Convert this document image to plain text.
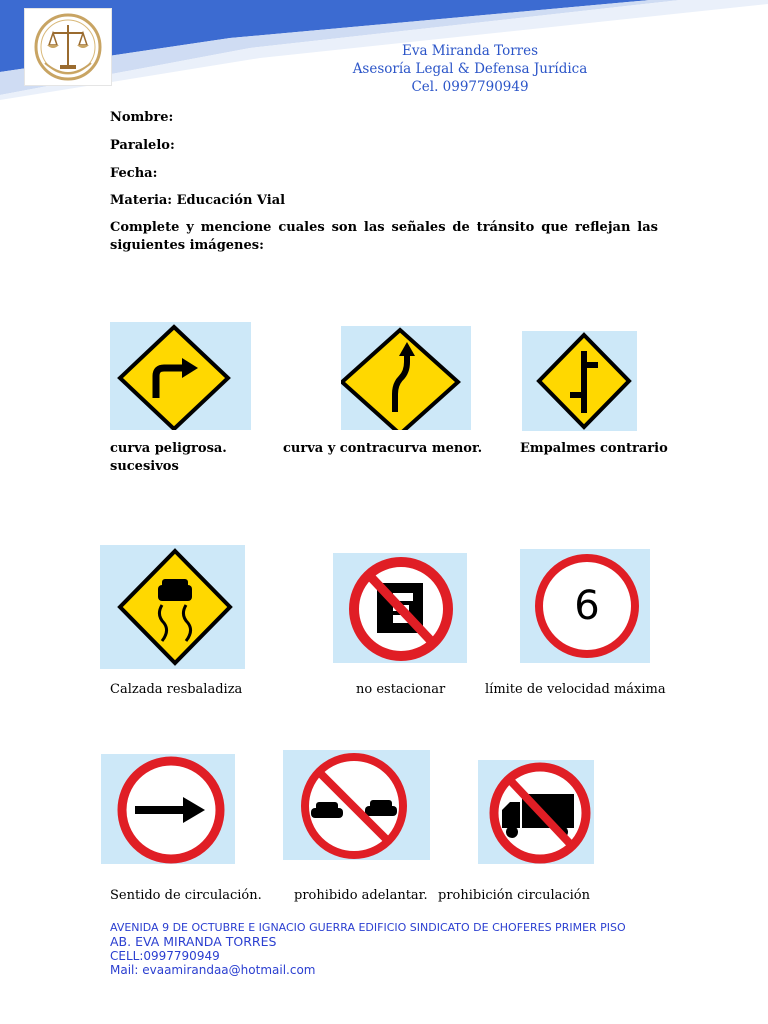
Eva Miranda Torres
Asesoría Legal & Defensa Jurídica
Cel. 0997790949
Nombre:
Paralelo:
Fecha:
Materia: Educación Vial
Complete y mencione cuales son las señales de tránsito que reflejan las siguientes imágenes:
curva peligrosa.	curva y contracurva menor.	Empalmes contrario
sucesivos
6
Calzada resbaladiza	no estacionar	límite de velocidad máxima
Sentido de circulación. prohibido adelantar. prohibición circulación
AVENIDA 9 DE OCTUBRE E IGNACIO GUERRA EDIFICIO SINDICATO DE CHOFERES PRIMER PISO
AB. EVA MIRANDA TORRES
CELL:0997790949
Mail: evaamirandaa@hotmail.com
